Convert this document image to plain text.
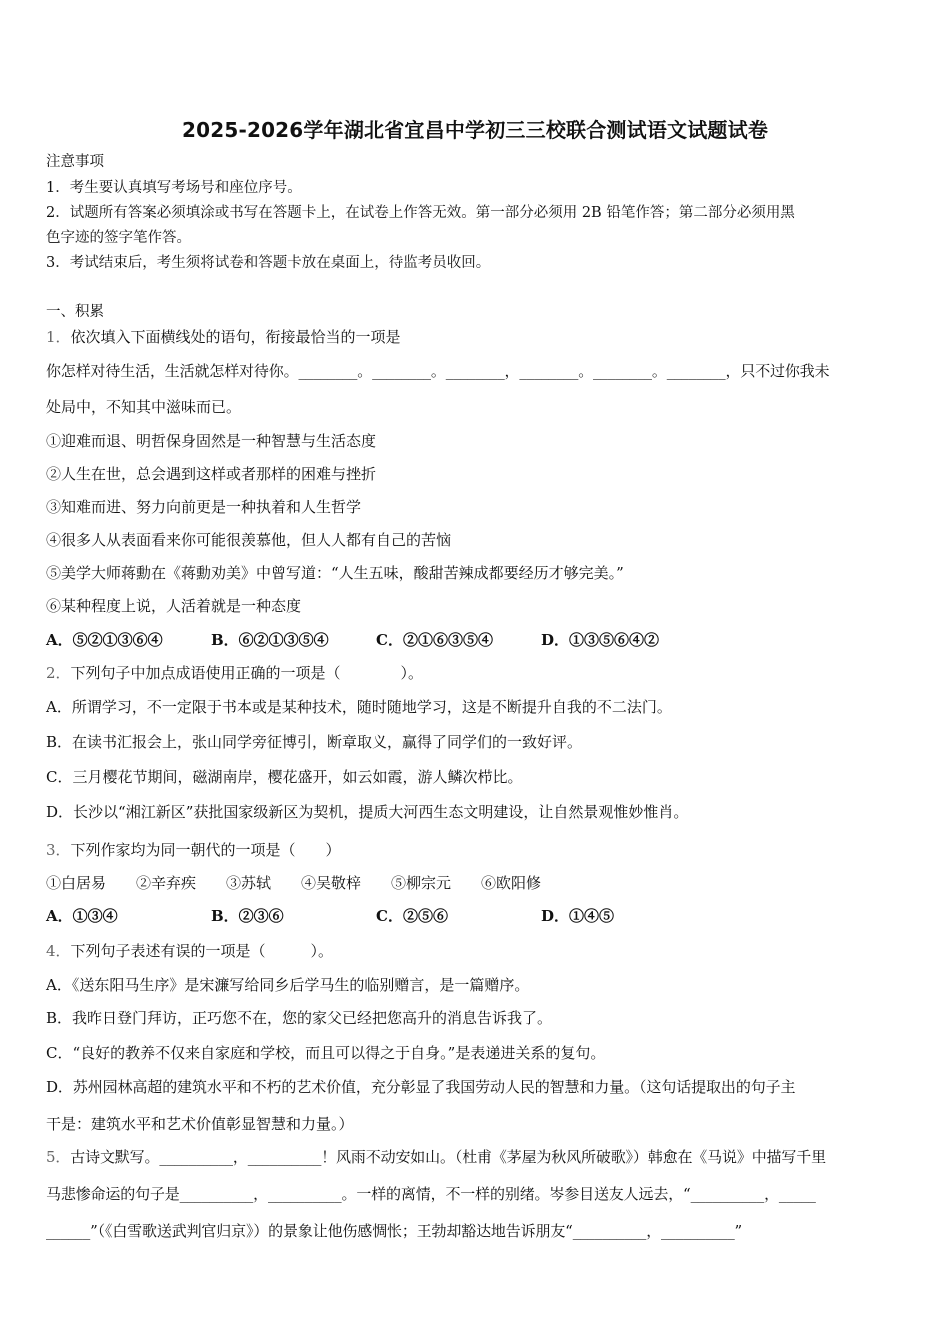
2025-2026学年湖北省宜昌中学初三三校联合测试语文试题试卷
注意事项
1．考生要认真填写考场号和座位序号。
2．试题所有答案必须填涂或书写在答题卡上，在试卷上作答无效。第一部分必须用 2B 铅笔作答；第二部分必须用黑
色字迹的签字笔作答。
3．考试结束后，考生须将试卷和答题卡放在桌面上，待监考员收回。
一、积累
1．依次填入下面横线处的语句，衔接最恰当的一项是
你怎样对待生活，生活就怎样对待你。________。________。________，________。________。________，只不过你我未
处局中，不知其中滋味而已。
①迎难而退、明哲保身固然是一种智慧与生活态度
②人生在世，总会遇到这样或者那样的困难与挫折
③知难而进、努力向前更是一种执着和人生哲学
④很多人从表面看来你可能很羡慕他，但人人都有自己的苦恼
⑤美学大师蒋勳在《蒋勳劝美》中曾写道：“人生五味，酸甜苦辣成都要经历才够完美。”
⑥某种程度上说，人活着就是一种态度
A．⑤②①③⑥④	B．⑥②①③⑤④	C．②①⑥③⑤④	D．①③⑤⑥④②
2．下列句子中加点成语使用正确的一项是（　　　　）。
A．所谓学习，不一定限于书本或是某种技术，随时随地学习，这是不断提升自我的不二法门。
B．在读书汇报会上，张山同学旁征博引，断章取义，赢得了同学们的一致好评。
C．三月樱花节期间，磁湖南岸，樱花盛开，如云如霞，游人鳞次栉比。
D．长沙以“湘江新区”获批国家级新区为契机，提质大河西生态文明建设，让自然景观惟妙惟肖。
3．下列作家均为同一朝代的一项是（　　）
①白居易　　②辛弃疾　　③苏轼　　④吴敬梓　　⑤柳宗元　　⑥欧阳修
A．①③④	B．②③⑥	C．②⑤⑥	D．①④⑤
4．下列句子表述有误的一项是（　　　）。
A．《送东阳马生序》是宋濂写给同乡后学马生的临别赠言，是一篇赠序。
B．我昨日登门拜访，正巧您不在，您的家父已经把您高升的消息告诉我了。
C．“良好的教养不仅来自家庭和学校，而且可以得之于自身。”是表递进关系的复句。
D．苏州园林高超的建筑水平和不朽的艺术价值，充分彰显了我国劳动人民的智慧和力量。（这句话提取出的句子主
干是：建筑水平和艺术价值彰显智慧和力量。）
5．古诗文默写。__________，__________！风雨不动安如山。（杜甫《茅屋为秋风所破歌》）韩愈在《马说》中描写千里
马悲惨命运的句子是__________，__________。一样的离情，不一样的别绪。岑参目送友人远去，“__________，_____
______”（《白雪歌送武判官归京》）的景象让他伤感惆怅；王勃却豁达地告诉朋友“__________，__________”
